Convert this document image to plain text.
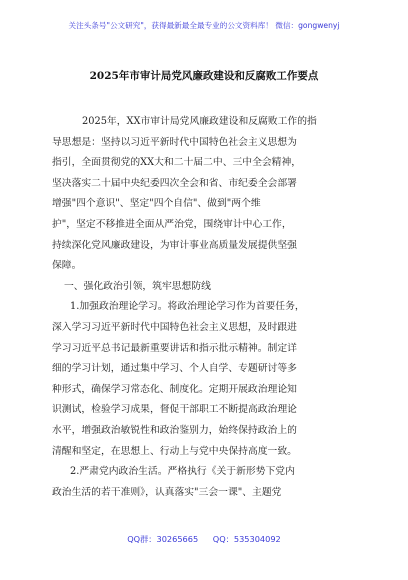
关注头条号"公文研究"，获得最新最全最专业的公文资料库！ 微信：gongwenyj
2025年市审计局党风廉政建设和反腐败工作要点
2025年，XX市审计局党风廉政建设和反腐败工作的指
导思想是：坚持以习近平新时代中国特色社会主义思想为
指引，全面贯彻党的XX大和二十届二中、三中全会精神，
坚决落实二十届中央纪委四次全会和省、市纪委全会部署
增强"四个意识"、坚定"四个自信"、做到"两个维
护"，坚定不移推进全面从严治党，围绕审计中心工作，
持续深化党风廉政建设，为审计事业高质量发展提供坚强
保障。
一、强化政治引领，筑牢思想防线
1.加强政治理论学习。将政治理论学习作为首要任务，
深入学习习近平新时代中国特色社会主义思想，及时跟进
学习习近平总书记最新重要讲话和指示批示精神。制定详
细的学习计划，通过集中学习、个人自学、专题研讨等多
种形式，确保学习常态化、制度化。定期开展政治理论知
识测试，检验学习成果，督促干部职工不断提高政治理论
水平，增强政治敏锐性和政治鉴别力，始终保持政治上的
清醒和坚定，在思想上、行动上与党中央保持高度一致。
2.严肃党内政治生活。严格执行《关于新形势下党内
政治生活的若干准则》，认真落实"三会一课"、主题党
QQ群：30265665 QQ：535304092
